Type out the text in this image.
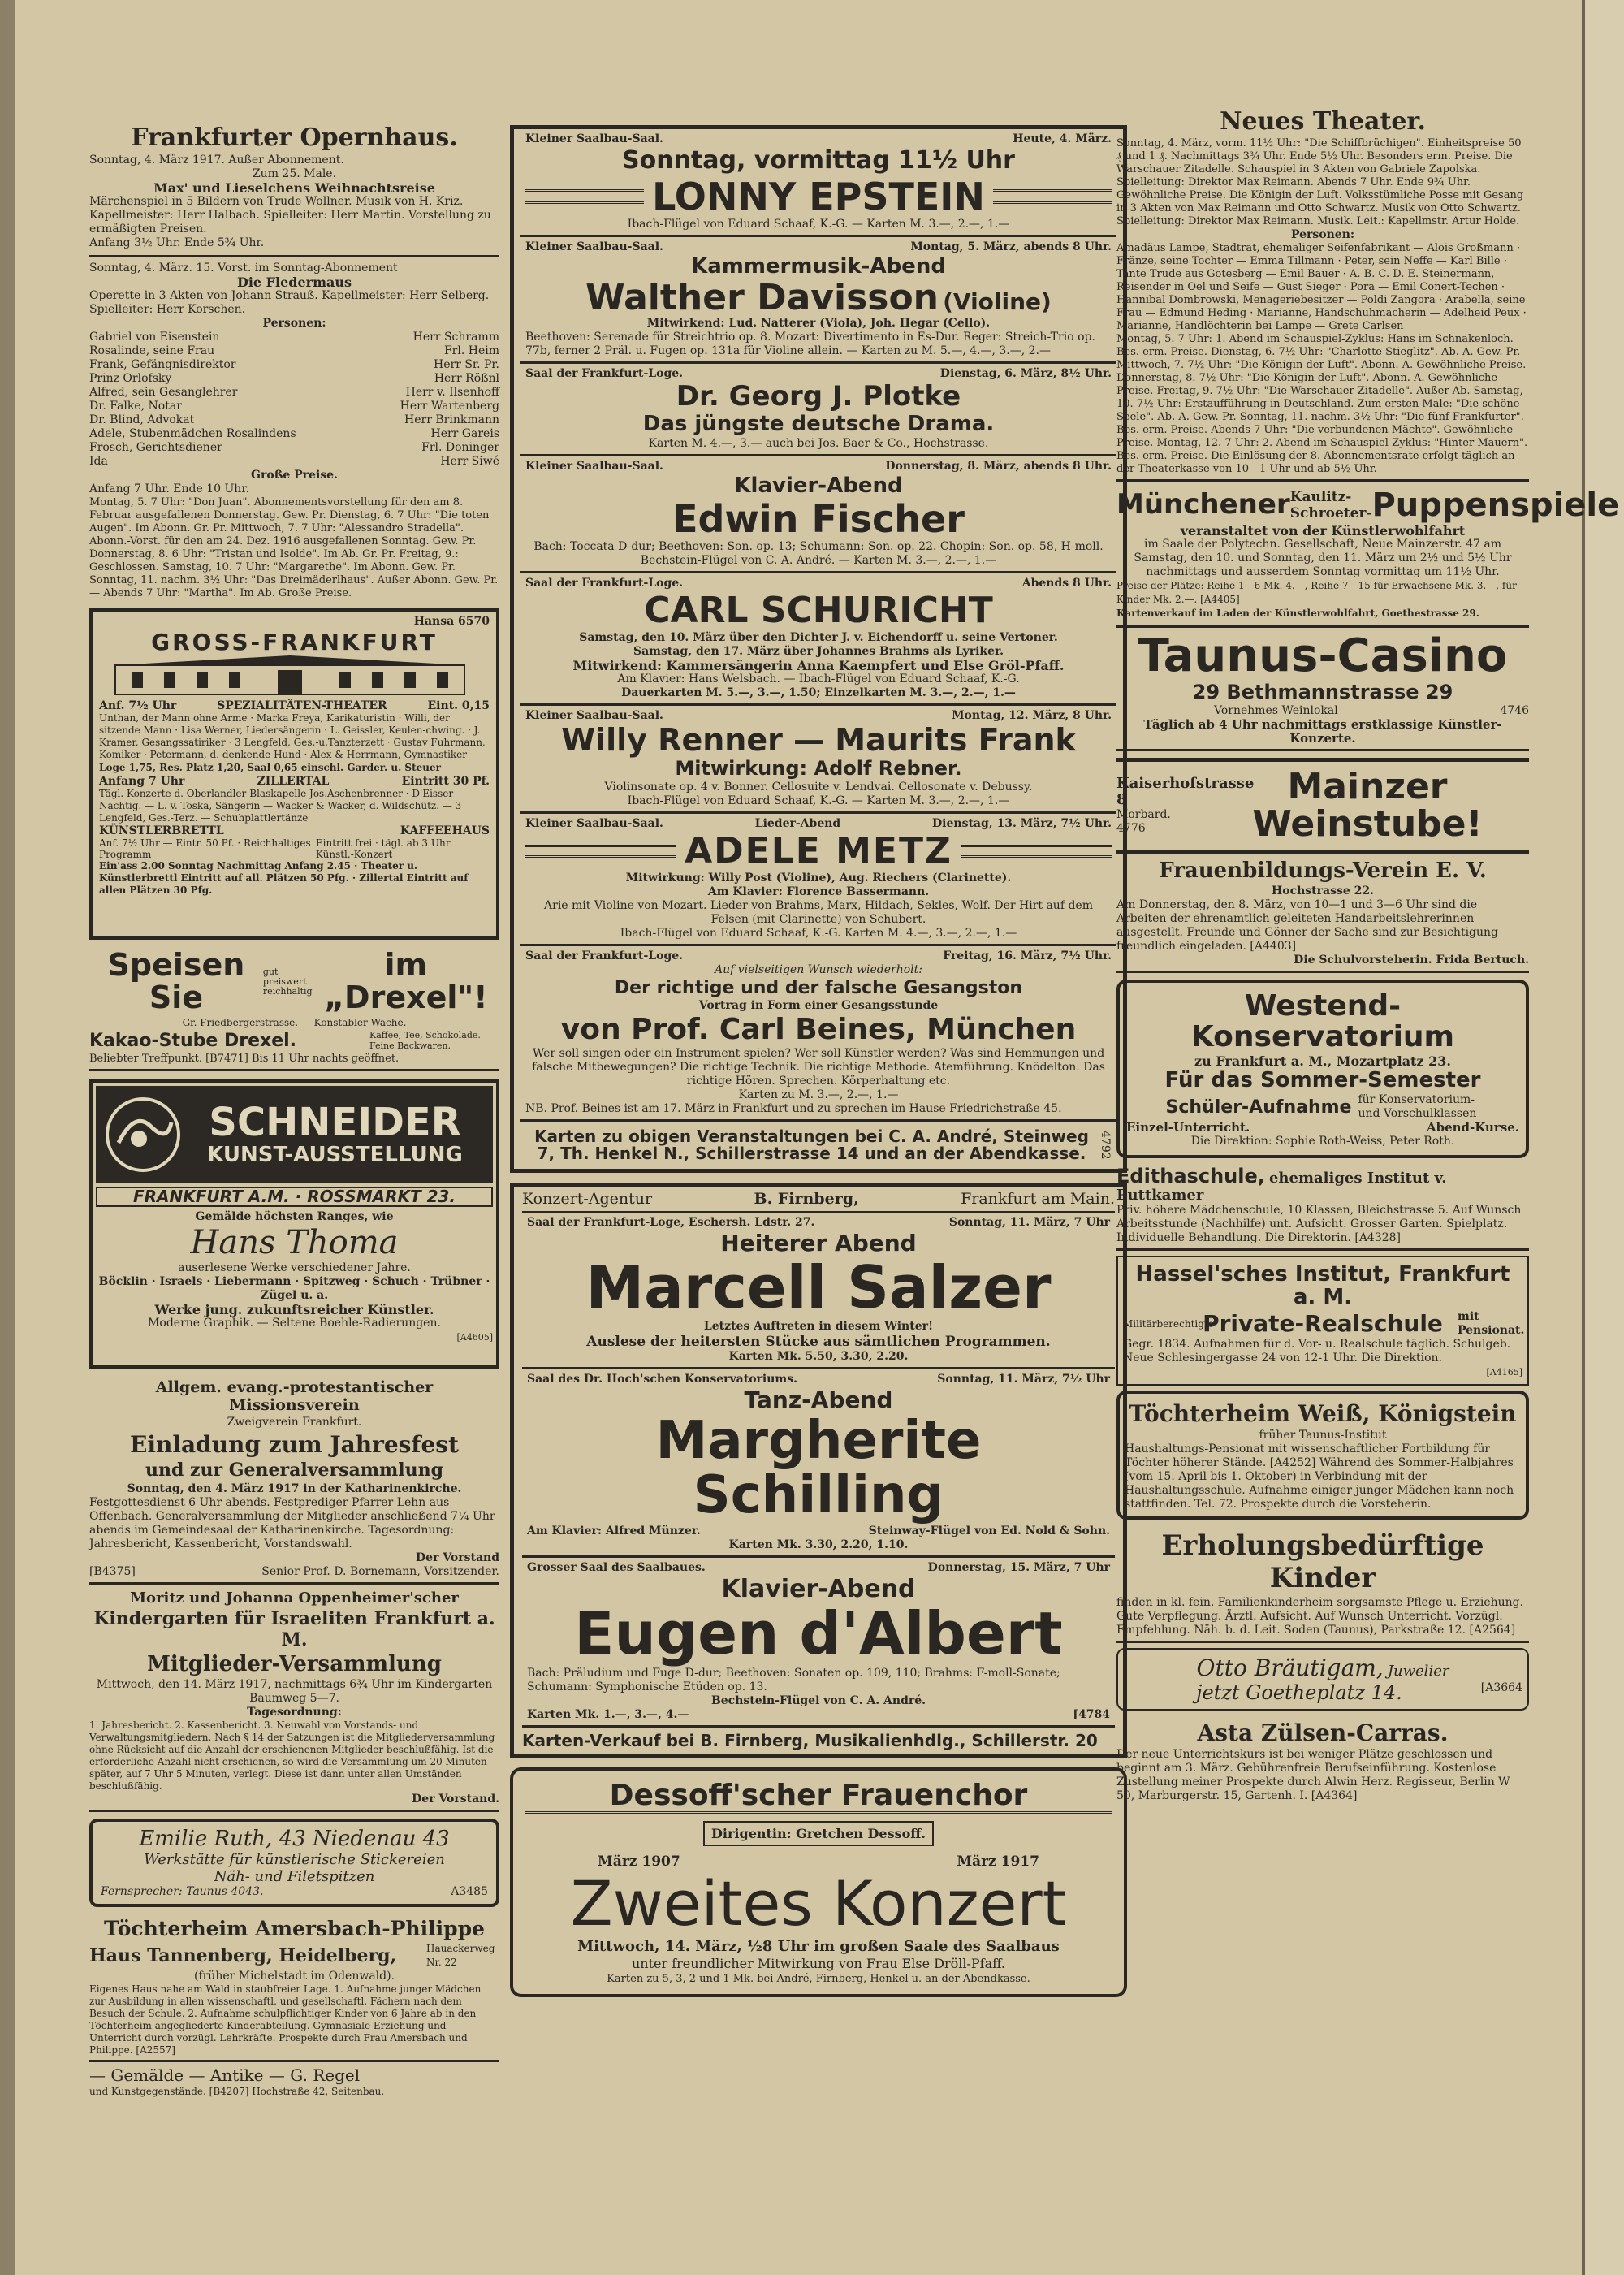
Frankfurter Opernhaus.

Sonntag, 4. März 1917. Außer Abonnement.

Zum 25. Male.

Max' und Lieselchens Weihnachtsreise

Märchenspiel in 5 Bildern von Trude Wollner. Musik von H. Kriz. Kapellmeister: Herr Halbach. Spielleiter: Herr Martin. Vorstellung zu ermäßigten Preisen.

Anfang 3½ Uhr. Ende 5¾ Uhr.

Sonntag, 4. März. 15. Vorst. im Sonntag-Abonnement

Die Fledermaus

Operette in 3 Akten von Johann Strauß. Kapellmeister: Herr Selberg. Spielleiter: Herr Korschen.

Personen:

Gabriel von Eisenstein	Herr Schramm
Rosalinde, seine Frau	Frl. Heim
Frank, Gefängnisdirektor	Herr Sr. Pr.
Prinz Orlofsky	Herr Rößnl
Alfred, sein Gesanglehrer	Herr v. Ilsenhoff
Dr. Falke, Notar	Herr Wartenberg
Dr. Blind, Advokat	Herr Brinkmann
Adele, Stubenmädchen Rosalindens	Herr Gareis
Frosch, Gerichtsdiener	Frl. Doninger
Ida	Herr Siwé

Große Preise.

Anfang 7 Uhr. Ende 10 Uhr.

Montag, 5. 7 Uhr: "Don Juan". Abonnementsvorstellung für den am 8. Februar ausgefallenen Donnerstag. Gew. Pr. Dienstag, 6. 7 Uhr: "Die toten Augen". Im Abonn. Gr. Pr. Mittwoch, 7. 7 Uhr: "Alessandro Stradella". Abonn.-Vorst. für den am 24. Dez. 1916 ausgefallenen Sonntag. Gew. Pr. Donnerstag, 8. 6 Uhr: "Tristan und Isolde". Im Ab. Gr. Pr. Freitag, 9.: Geschlossen. Samstag, 10. 7 Uhr: "Margarethe". Im Abonn. Gew. Pr. Sonntag, 11. nachm. 3½ Uhr: "Das Dreimäderlhaus". Außer Abonn. Gew. Pr. — Abends 7 Uhr: "Martha". Im Ab. Große Preise.

Hansa 6570

GROSS-FRANKFURT
Anf. 7½ Uhr	SPEZIALITÄTEN-THEATER	Eint. 0,15

Unthan, der Mann ohne Arme · Marka Freya, Karikaturistin · Willi, der sitzende Mann · Lisa Werner, Liedersängerin · L. Geissler, Keulen-chwing. · J. Kramer, Gesangssatiriker · 3 Lengfeld, Ges.-u.Tanzterzett · Gustav Fuhrmann, Komiker · Petermann, d. denkende Hund · Alex & Herrmann, Gymnastiker

Loge 1,75, Res. Platz 1,20, Saal 0,65 einschl. Garder. u. Steuer

Anfang 7 Uhr	ZILLERTAL	Eintritt 30 Pf.

Tägl. Konzerte d. Oberlandler-Blaskapelle Jos.Aschenbrenner · D'Eisser Nachtig. — L. v. Toska, Sängerin — Wacker & Wacker, d. Wildschütz. — 3 Lengfeld, Ges.-Terz. — Schuhplattlertänze

KÜNSTLERBRETTL	KAFFEEHAUS
Anf. 7½ Uhr — Eintr. 50 Pf. · Reichhaltiges Programm
Eintritt frei · tägl. ab 3 Uhr Künstl.-Konzert

Ein'ass 2.00 Sonntag Nachmittag Anfang 2.45 · Theater u. Künstlerbrettl Eintritt auf all. Plätzen 50 Pfg. · Zillertal Eintritt auf allen Plätzen 30 Pfg.

Speisen Sie
gut preiswert reichhaltig
im „Drexel"!

Gr. Friedbergerstrasse. — Konstabler Wache.

Kakao-Stube Drexel.	Kaffee, Tee, Schokolade. Feine Backwaren.

Beliebter Treffpunkt. [B7471] Bis 11 Uhr nachts geöffnet.

SCHNEIDER
KUNST-AUSSTELLUNG
FRANKFURT A.M. · ROSSMARKT 23.

Gemälde höchsten Ranges, wie

Hans Thoma

auserlesene Werke verschiedener Jahre.

Böcklin · Israels · Liebermann · Spitzweg · Schuch · Trübner · Zügel u. a.

Werke jung. zukunftsreicher Künstler.

Moderne Graphik. — Seltene Boehle-Radierungen.

[A4605]

Allgem. evang.-protestantischer Missionsverein

Zweigverein Frankfurt.

Einladung zum Jahresfest
und zur Generalversammlung

Sonntag, den 4. März 1917 in der Katharinenkirche.

Festgottesdienst 6 Uhr abends. Festprediger Pfarrer Lehn aus Offenbach. Generalversammlung der Mitglieder anschließend 7¼ Uhr abends im Gemeindesaal der Katharinenkirche. Tagesordnung: Jahresbericht, Kassenbericht, Vorstandswahl.

Der Vorstand

[B4375]	Senior Prof. D. Bornemann, Vorsitzender.
Moritz und Johanna Oppenheimer'scher
Kindergarten für Israeliten Frankfurt a. M.
Mitglieder-Versammlung

Mittwoch, den 14. März 1917, nachmittags 6¾ Uhr im Kindergarten Baumweg 5—7.

Tagesordnung:

1. Jahresbericht. 2. Kassenbericht. 3. Neuwahl von Vorstands- und Verwaltungsmitgliedern. Nach § 14 der Satzungen ist die Mitgliederversammlung ohne Rücksicht auf die Anzahl der erschienenen Mitglieder beschlußfähig. Ist die erforderliche Anzahl nicht erschienen, so wird die Versammlung um 20 Minuten später, auf 7 Uhr 5 Minuten, verlegt. Diese ist dann unter allen Umständen beschlußfähig.

Der Vorstand.

Emilie Ruth, 43 Niedenau 43
Werkstätte für künstlerische Stickereien
Näh- und Filetspitzen
Fernsprecher: Taunus 4043.	A3485
Töchterheim Amersbach-Philippe
Haus Tannenberg, Heidelberg,	Hauackerweg Nr. 22

(früher Michelstadt im Odenwald).

Eigenes Haus nahe am Wald in staubfreier Lage. 1. Aufnahme junger Mädchen zur Ausbildung in allen wissenschaftl. und gesellschaftl. Fächern nach dem Besuch der Schule. 2. Aufnahme schulpflichtiger Kinder von 6 Jahre ab in den Töchterheim angegliederte Kinderabteilung. Gymnasiale Erziehung und Unterricht durch vorzügl. Lehrkräfte. Prospekte durch Frau Amersbach und Philippe. [A2557]

— Gemälde — Antike — G. Regel

und Kunstgegenstände. [B4207] Hochstraße 42, Seitenbau.

Kleiner Saalbau-Saal.	Heute, 4. März.
Sonntag, vormittag 11½ Uhr
LONNY EPSTEIN

Ibach-Flügel von Eduard Schaaf, K.-G. — Karten M. 3.—, 2.—, 1.—

Kleiner Saalbau-Saal.	Montag, 5. März, abends 8 Uhr.
Kammermusik-Abend
Walther Davisson (Violine)

Mitwirkend: Lud. Natterer (Viola), Joh. Hegar (Cello).

Beethoven: Serenade für Streichtrio op. 8. Mozart: Divertimento in Es-Dur. Reger: Streich-Trio op. 77b, ferner 2 Präl. u. Fugen op. 131a für Violine allein. — Karten zu M. 5.—, 4.—, 3.—, 2.—

Saal der Frankfurt-Loge.	Dienstag, 6. März, 8½ Uhr.
Dr. Georg J. Plotke
Das jüngste deutsche Drama.

Karten M. 4.—, 3.— auch bei Jos. Baer & Co., Hochstrasse.

Kleiner Saalbau-Saal.	Donnerstag, 8. März, abends 8 Uhr.
Klavier-Abend
Edwin Fischer

Bach: Toccata D-dur; Beethoven: Son. op. 13; Schumann: Son. op. 22. Chopin: Son. op. 58, H-moll.

Bechstein-Flügel von C. A. André. — Karten M. 3.—, 2.—, 1.—

Saal der Frankfurt-Loge.	Abends 8 Uhr.
CARL SCHURICHT

Samstag, den 10. März über den Dichter J. v. Eichendorff u. seine Vertoner.

Samstag, den 17. März über Johannes Brahms als Lyriker.

Mitwirkend: Kammersängerin Anna Kaempfert und Else Gröl-Pfaff.

Am Klavier: Hans Welsbach. — Ibach-Flügel von Eduard Schaaf, K.-G.

Dauerkarten M. 5.—, 3.—, 1.50; Einzelkarten M. 3.—, 2.—, 1.—

Kleiner Saalbau-Saal.	Montag, 12. März, 8 Uhr.
Willy Renner — Maurits Frank
Mitwirkung: Adolf Rebner.

Violinsonate op. 4 v. Bonner. Cellosuite v. Lendvai. Cellosonate v. Debussy.

Ibach-Flügel von Eduard Schaaf, K.-G. — Karten M. 3.—, 2.—, 1.—

Kleiner Saalbau-Saal.	Lieder-Abend	Dienstag, 13. März, 7½ Uhr.
ADELE METZ

Mitwirkung: Willy Post (Violine), Aug. Riechers (Clarinette).

Am Klavier: Florence Bassermann.

Arie mit Violine von Mozart. Lieder von Brahms, Marx, Hildach, Sekles, Wolf. Der Hirt auf dem Felsen (mit Clarinette) von Schubert.

Ibach-Flügel von Eduard Schaaf, K.-G. Karten M. 4.—, 3.—, 2.—, 1.—

Saal der Frankfurt-Loge.	Freitag, 16. März, 7½ Uhr.

Auf vielseitigen Wunsch wiederholt:

Der richtige und der falsche Gesangston

Vortrag in Form einer Gesangsstunde

von Prof. Carl Beines, München

Wer soll singen oder ein Instrument spielen? Wer soll Künstler werden? Was sind Hemmungen und falsche Mitbewegungen? Die richtige Technik. Die richtige Methode. Atemführung. Knödelton. Das richtige Hören. Sprechen. Körperhaltung etc.

Karten zu M. 3.—, 2.—, 1.—

NB. Prof. Beines ist am 17. März in Frankfurt und zu sprechen im Hause Friedrichstraße 45.

Karten zu obigen Veranstaltungen bei C. A. André, Steinweg 7, Th. Henkel N., Schillerstrasse 14 und an der Abendkasse.	4792
Konzert-Agentur	B. Firnberg,	Frankfurt am Main.
Saal der Frankfurt-Loge, Eschersh. Ldstr. 27.	Sonntag, 11. März, 7 Uhr
Heiterer Abend
Marcell Salzer

Letztes Auftreten in diesem Winter!

Auslese der heitersten Stücke aus sämtlichen Programmen.

Karten Mk. 5.50, 3.30, 2.20.

Saal des Dr. Hoch'schen Konservatoriums.	Sonntag, 11. März, 7½ Uhr
Tanz-Abend
Margherite Schilling
Am Klavier: Alfred Münzer.	Steinway-Flügel von Ed. Nold & Sohn.

Karten Mk. 3.30, 2.20, 1.10.

Grosser Saal des Saalbaues.	Donnerstag, 15. März, 7 Uhr
Klavier-Abend
Eugen d'Albert

Bach: Präludium und Fuge D-dur; Beethoven: Sonaten op. 109, 110; Brahms: F-moll-Sonate; Schumann: Symphonische Etüden op. 13.

Bechstein-Flügel von C. A. André.

Karten Mk. 1.—, 3.—, 4.—	[4784
Karten-Verkauf bei B. Firnberg, Musikalienhdlg., Schillerstr. 20
Dessoff'scher Frauenchor
Dirigentin: Gretchen Dessoff.
März 1907	März 1917
Zweites Konzert

Mittwoch, 14. März, ½8 Uhr im großen Saale des Saalbaus

unter freundlicher Mitwirkung von Frau Else Dröll-Pfaff.

Karten zu 5, 3, 2 und 1 Mk. bei André, Firnberg, Henkel u. an der Abendkasse.

Neues Theater.

Sonntag, 4. März, vorm. 11½ Uhr: "Die Schiffbrüchigen". Einheitspreise 50 ₰ und 1 ₰. Nachmittags 3¾ Uhr. Ende 5½ Uhr. Besonders erm. Preise. Die Warschauer Zitadelle. Schauspiel in 3 Akten von Gabriele Zapolska. Spielleitung: Direktor Max Reimann. Abends 7 Uhr. Ende 9¾ Uhr. Gewöhnliche Preise. Die Königin der Luft. Volksstümliche Posse mit Gesang in 3 Akten von Max Reimann und Otto Schwartz. Musik von Otto Schwartz. Spielleitung: Direktor Max Reimann. Musik. Leit.: Kapellmstr. Artur Holde.

Personen:

Amadäus Lampe, Stadtrat, ehemaliger Seifenfabrikant — Alois Großmann · Fränze, seine Tochter — Emma Tillmann · Peter, sein Neffe — Karl Bille · Tante Trude aus Gotesberg — Emil Bauer · A. B. C. D. E. Steinermann, Reisender in Oel und Seife — Gust Sieger · Pora — Emil Conert-Techen · Hannibal Dombrowski, Menageriebesitzer — Poldi Zangora · Arabella, seine Frau — Edmund Heding · Marianne, Handschuhmacherin — Adelheid Peux · Marianne, Handlöchterin bei Lampe — Grete Carlsen

Montag, 5. 7 Uhr: 1. Abend im Schauspiel-Zyklus: Hans im Schnakenloch. Bes. erm. Preise. Dienstag, 6. 7½ Uhr: "Charlotte Stieglitz". Ab. A. Gew. Pr. Mittwoch, 7. 7½ Uhr: "Die Königin der Luft". Abonn. A. Gewöhnliche Preise. Donnerstag, 8. 7½ Uhr: "Die Königin der Luft". Abonn. A. Gewöhnliche Preise. Freitag, 9. 7½ Uhr: "Die Warschauer Zitadelle". Außer Ab. Samstag, 10. 7½ Uhr: Erstaufführung in Deutschland. Zum ersten Male: "Die schöne Seele". Ab. A. Gew. Pr. Sonntag, 11. nachm. 3½ Uhr: "Die fünf Frankfurter". Bes. erm. Preise. Abends 7 Uhr: "Die verbundenen Mächte". Gewöhnliche Preise. Montag, 12. 7 Uhr: 2. Abend im Schauspiel-Zyklus: "Hinter Mauern". Bes. erm. Preise. Die Einlösung der 8. Abonnementsrate erfolgt täglich an der Theaterkasse von 10—1 Uhr und ab 5½ Uhr.

Münchener Kaulitz-
Schroeter- Puppenspiele

veranstaltet von der Künstlerwohlfahrt

im Saale der Polytechn. Gesellschaft, Neue Mainzerstr. 47 am Samstag, den 10. und Sonntag, den 11. März um 2½ und 5½ Uhr nachmittags und ausserdem Sonntag vormittag um 11½ Uhr.

Preise der Plätze: Reihe 1—6 Mk. 4.—, Reihe 7—15 für Erwachsene Mk. 3.—, für Kinder Mk. 2.—. [A4405]

Kartenverkauf im Laden der Künstlerwohlfahrt, Goethestrasse 29.

Taunus-Casino
29 Bethmannstrasse 29
Vornehmes Weinlokal	4746

Täglich ab 4 Uhr nachmittags erstklassige Künstler-Konzerte.

Kaiserhofstrasse 8
Morbard.
4776
Mainzer Weinstube!
Frauenbildungs-Verein E. V.

Hochstrasse 22.

Am Donnerstag, den 8. März, von 10—1 und 3—6 Uhr sind die Arbeiten der ehrenamtlich geleiteten Handarbeitslehrerinnen ausgestellt. Freunde und Gönner der Sache sind zur Besichtigung freundlich eingeladen. [A4403]

Die Schulvorsteherin. Frida Bertuch.

Westend-Konservatorium

zu Frankfurt a. M., Mozartplatz 23.

Für das Sommer-Semester
Schüler-Aufnahme für Konservatorium- und Vorschulklassen
Einzel-Unterricht.	Abend-Kurse.

Die Direktion: Sophie Roth-Weiss, Peter Roth.

Edithaschule, ehemaliges Institut v. Puttkamer

Priv. höhere Mädchenschule, 10 Klassen, Bleichstrasse 5. Auf Wunsch Arbeitsstunde (Nachhilfe) unt. Aufsicht. Grosser Garten. Spielplatz. Individuelle Behandlung. Die Direktorin. [A4328]

Hassel'sches Institut, Frankfurt a. M.
Militärberechtigte
Private-Realschule mit Pensionat.

Gegr. 1834. Aufnahmen für d. Vor- u. Realschule täglich. Schulgeb. Neue Schlesingergasse 24 von 12-1 Uhr. Die Direktion.

[A4165]

Töchterheim Weiß, Königstein

früher Taunus-Institut

Haushaltungs-Pensionat mit wissenschaftlicher Fortbildung für Töchter höherer Stände. [A4252] Während des Sommer-Halbjahres (vom 15. April bis 1. Oktober) in Verbindung mit der Haushaltungsschule. Aufnahme einiger junger Mädchen kann noch stattfinden. Tel. 72. Prospekte durch die Vorsteherin.

Erholungsbedürftige Kinder

finden in kl. fein. Familienkinderheim sorgsamste Pflege u. Erziehung. Gute Verpflegung. Ärztl. Aufsicht. Auf Wunsch Unterricht. Vorzügl. Empfehlung. Näh. b. d. Leit. Soden (Taunus), Parkstraße 12. [A2564]

Otto Bräutigam, Juwelier
jetzt Goetheplatz 14.	[A3664
Asta Zülsen-Carras.

Der neue Unterrichtskurs ist bei weniger Plätze geschlossen und beginnt am 3. März. Gebührenfreie Berufseinführung. Kostenlose Zustellung meiner Prospekte durch Alwin Herz. Regisseur, Berlin W 50, Marburgerstr. 15, Gartenh. I. [A4364]
